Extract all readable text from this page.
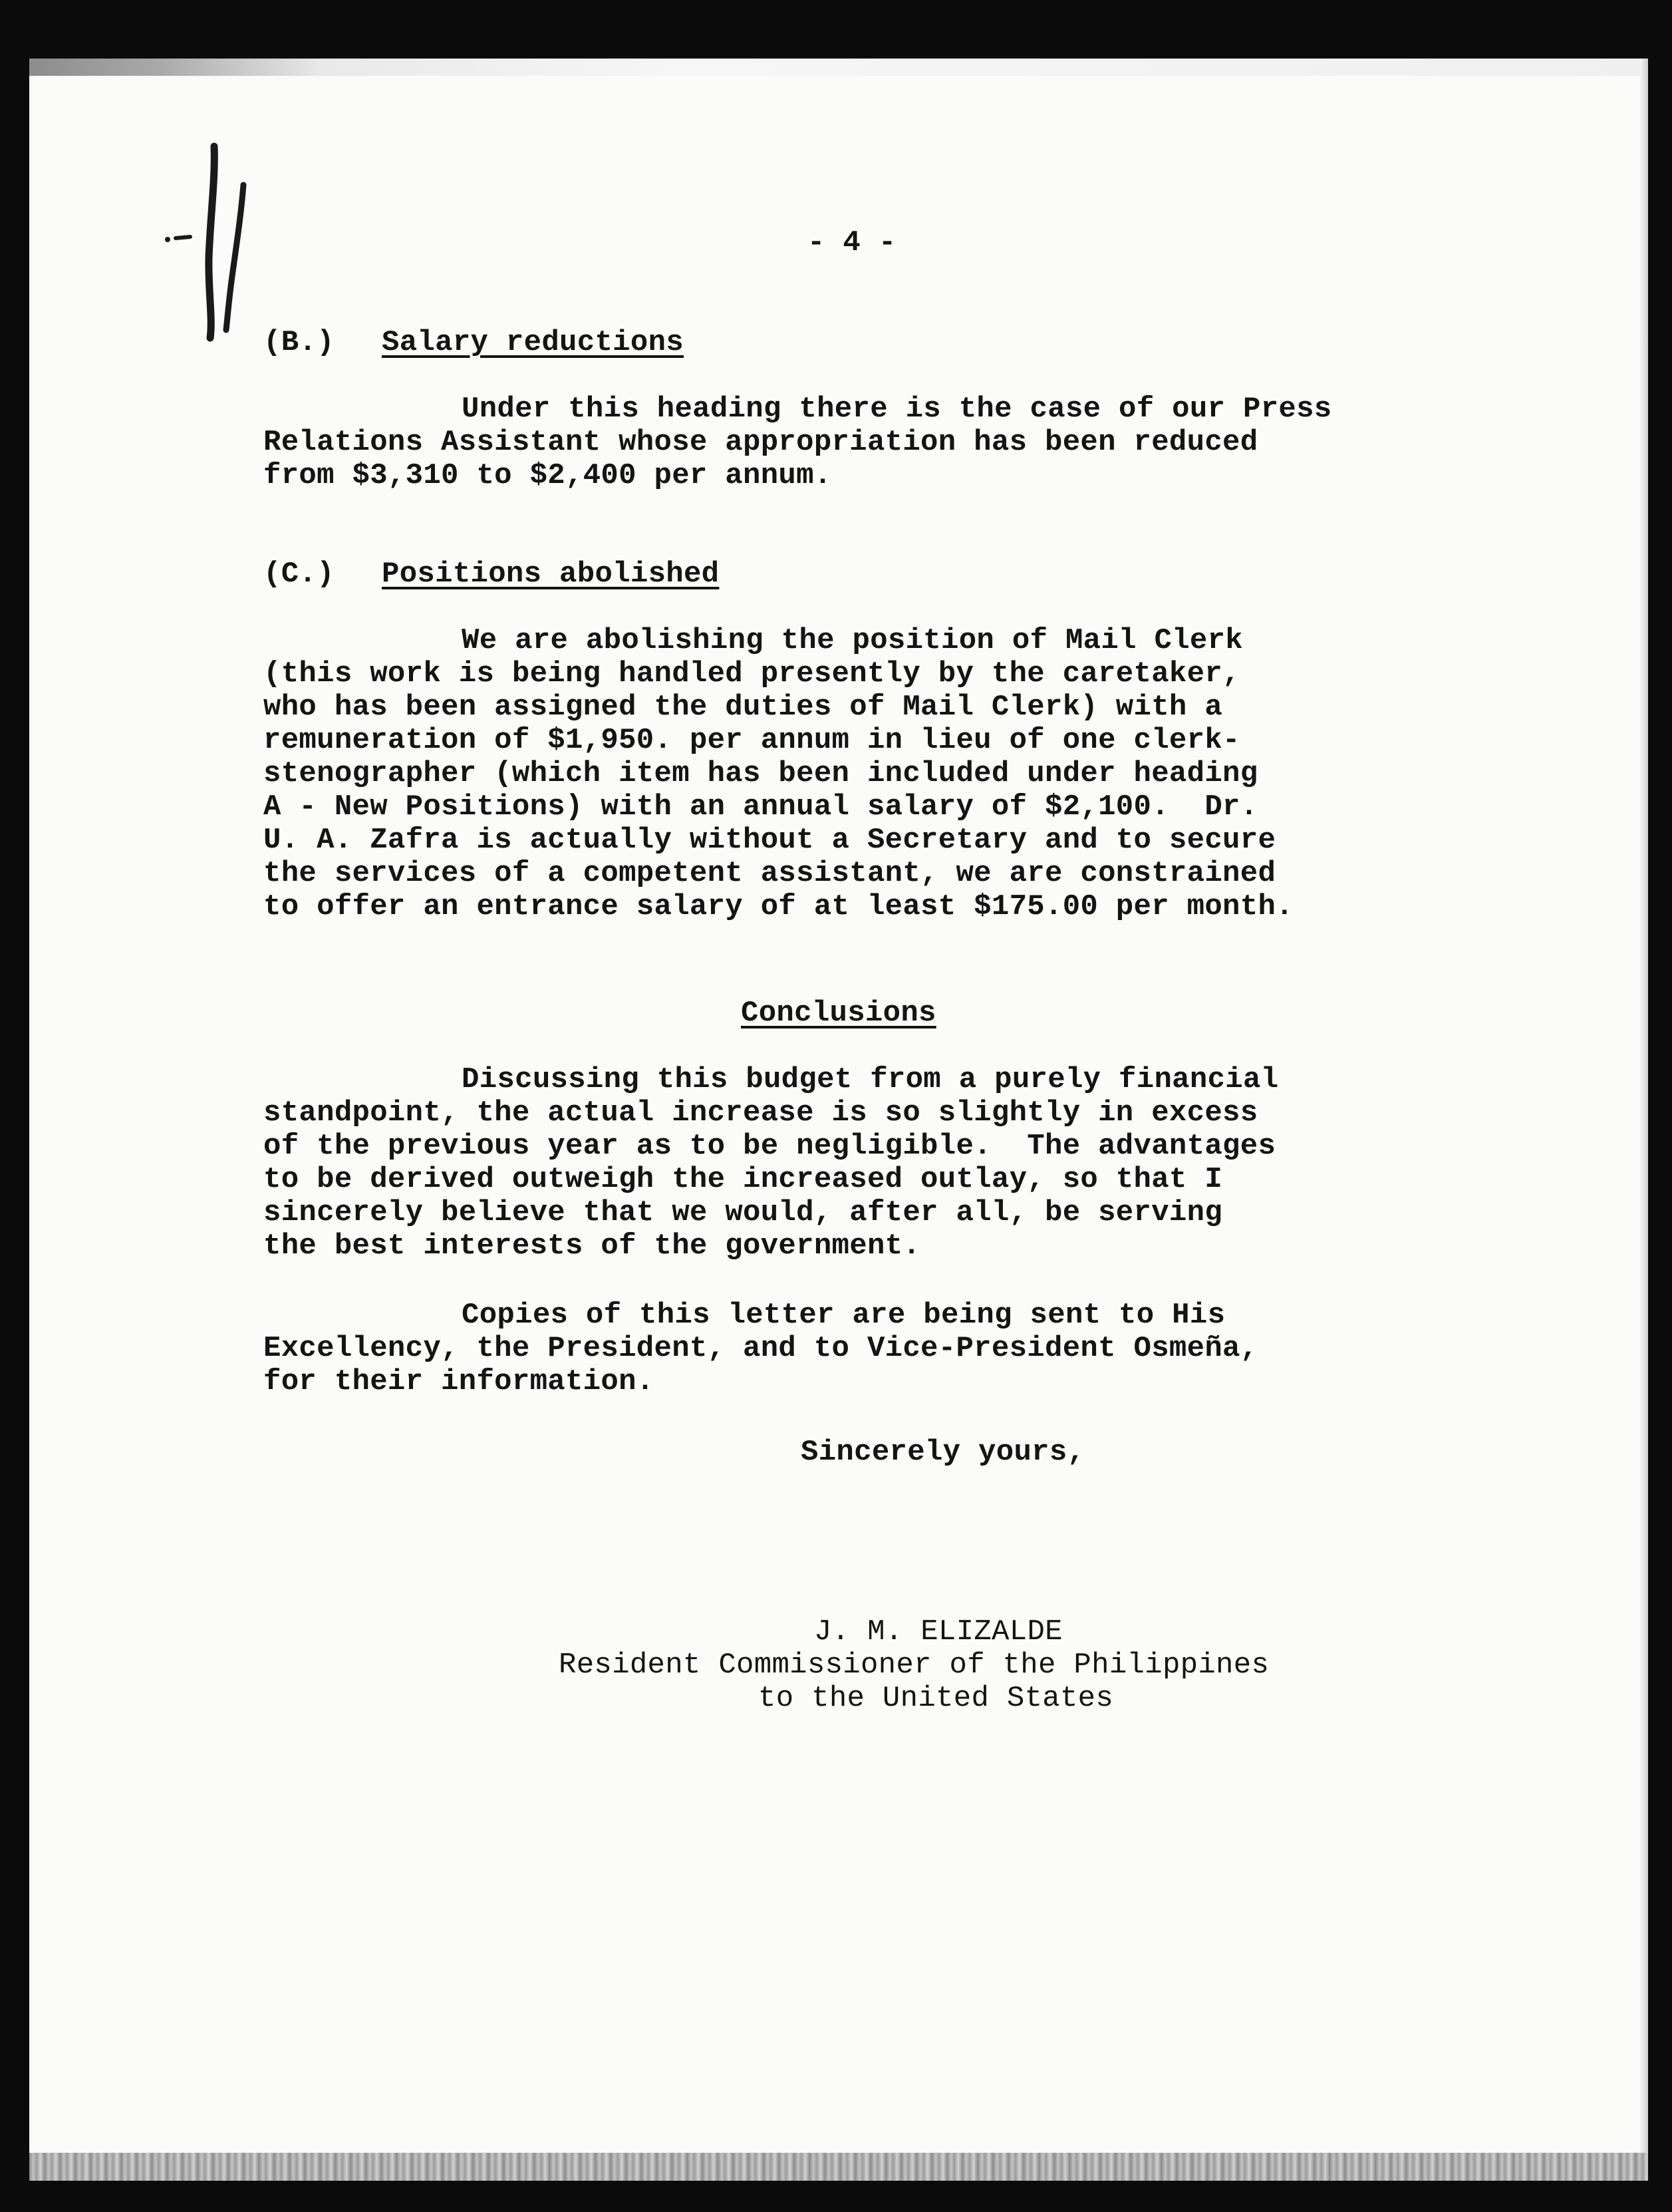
- 4 -
(B.) Salary reductions
Under this heading there is the case of our Press
Relations Assistant whose appropriation has been reduced
from $3,310 to $2,400 per annum.
(C.) Positions abolished
We are abolishing the position of Mail Clerk
(this work is being handled presently by the caretaker,
who has been assigned the duties of Mail Clerk) with a
remuneration of $1,950. per annum in lieu of one clerk-
stenographer (which item has been included under heading
A - New Positions) with an annual salary of $2,100.  Dr.
U. A. Zafra is actually without a Secretary and to secure
the services of a competent assistant, we are constrained
to offer an entrance salary of at least $175.00 per month.
Conclusions
Discussing this budget from a purely financial
standpoint, the actual increase is so slightly in excess
of the previous year as to be negligible.  The advantages
to be derived outweigh the increased outlay, so that I
sincerely believe that we would, after all, be serving
the best interests of the government.
Copies of this letter are being sent to His
Excellency, the President, and to Vice-President Osmeña,
for their information.
Sincerely yours,
J. M. ELIZALDE
Resident Commissioner of the Philippines
to the United States
